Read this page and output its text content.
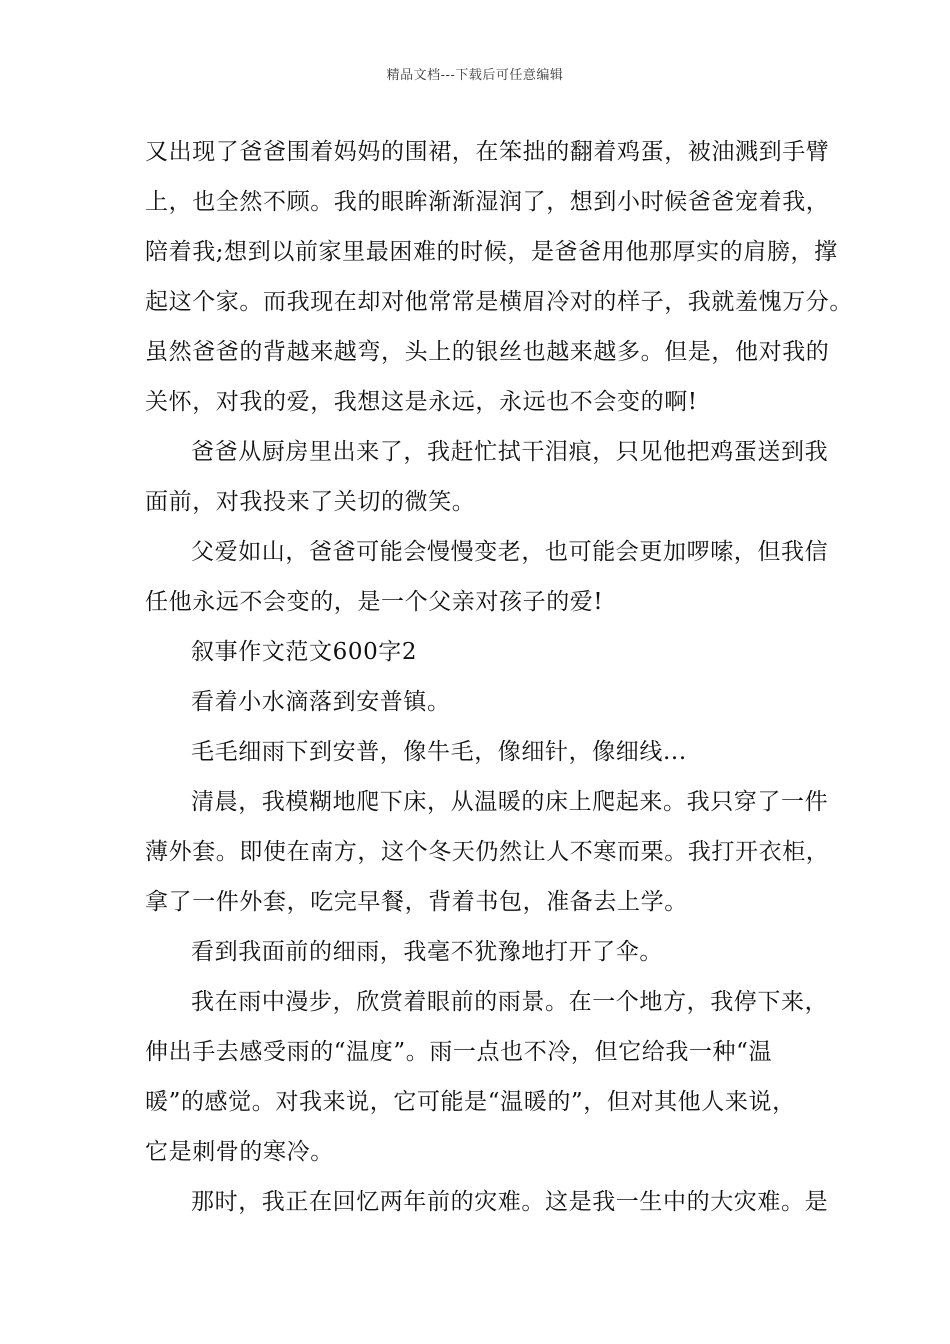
精品文档---下载后可任意编辑
又出现了爸爸围着妈妈的围裙，在笨拙的翻着鸡蛋，被油溅到手臂
上，也全然不顾。我的眼眸渐渐湿润了，想到小时候爸爸宠着我，
陪着我;想到以前家里最困难的时候，是爸爸用他那厚实的肩膀，撑
起这个家。而我现在却对他常常是横眉冷对的样子，我就羞愧万分。
虽然爸爸的背越来越弯，头上的银丝也越来越多。但是，他对我的
关怀，对我的爱，我想这是永远，永远也不会变的啊!
爸爸从厨房里出来了，我赶忙拭干泪痕，只见他把鸡蛋送到我
面前，对我投来了关切的微笑。
父爱如山，爸爸可能会慢慢变老，也可能会更加啰嗦，但我信
任他永远不会变的，是一个父亲对孩子的爱!
叙事作文范文600字2
看着小水滴落到安普镇。
毛毛细雨下到安普，像牛毛，像细针，像细线...
清晨，我模糊地爬下床，从温暖的床上爬起来。我只穿了一件
薄外套。即使在南方，这个冬天仍然让人不寒而栗。我打开衣柜，
拿了一件外套，吃完早餐，背着书包，准备去上学。
看到我面前的细雨，我毫不犹豫地打开了伞。
我在雨中漫步，欣赏着眼前的雨景。在一个地方，我停下来，
伸出手去感受雨的“温度”。雨一点也不冷，但它给我一种“温
暖”的感觉。对我来说，它可能是“温暖的”，但对其他人来说，
它是刺骨的寒冷。
那时，我正在回忆两年前的灾难。这是我一生中的大灾难。是
